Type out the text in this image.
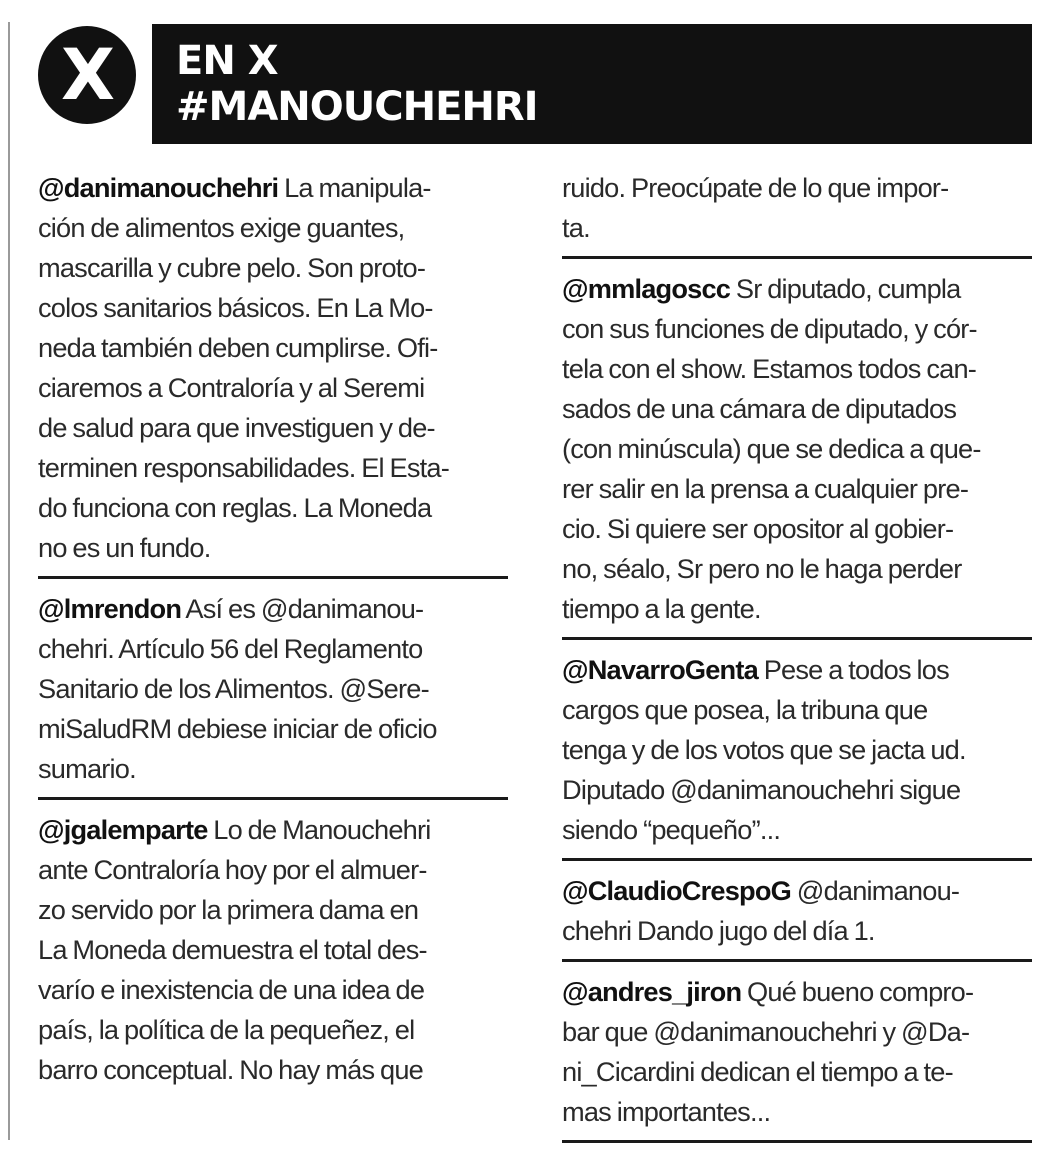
X EN X
#MANOUCHEHRI
@danimanouchehri La manipula-
ción de alimentos exige guantes,
mascarilla y cubre pelo. Son proto-
colos sanitarios básicos. En La Mo-
neda también deben cumplirse. Ofi-
ciaremos a Contraloría y al Seremi
de salud para que investiguen y de-
terminen responsabilidades. El Esta-
do funciona con reglas. La Moneda
no es un fundo.
@lmrendon Así es @danimanou-
chehri. Artículo 56 del Reglamento
Sanitario de los Alimentos. @Sere-
miSaludRM debiese iniciar de oficio
sumario.
@jgalemparte Lo de Manouchehri
ante Contraloría hoy por el almuer-
zo servido por la primera dama en
La Moneda demuestra el total des-
varío e inexistencia de una idea de
país, la política de la pequeñez, el
barro conceptual. No hay más que
ruido. Preocúpate de lo que impor-
ta.
@mmlagoscc Sr diputado, cumpla
con sus funciones de diputado, y cór-
tela con el show. Estamos todos can-
sados de una cámara de diputados
(con minúscula) que se dedica a que-
rer salir en la prensa a cualquier pre-
cio. Si quiere ser opositor al gobier-
no, séalo, Sr pero no le haga perder
tiempo a la gente.
@NavarroGenta Pese a todos los
cargos que posea, la tribuna que
tenga y de los votos que se jacta ud.
Diputado @danimanouchehri sigue
siendo “pequeño”...
@ClaudioCrespoG @danimanou-
chehri Dando jugo del día 1.
@andres_jiron Qué bueno compro-
bar que @danimanouchehri y @Da-
ni_Cicardini dedican el tiempo a te-
mas importantes...
